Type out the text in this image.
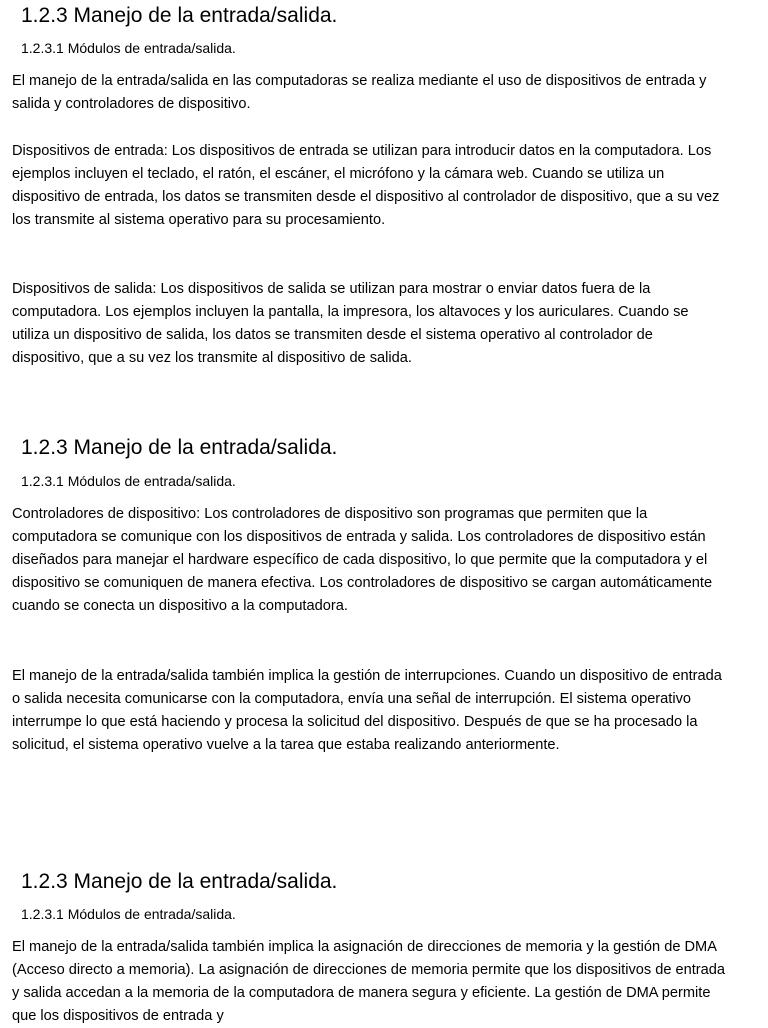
1.2.3 Manejo de la entrada/salida.
1.2.3.1 Módulos de entrada/salida.

El manejo de la entrada/salida en las computadoras se realiza mediante el uso de dispositivos de entrada y salida y controladores de dispositivo.

Dispositivos de entrada: Los dispositivos de entrada se utilizan para introducir datos en la computadora. Los ejemplos incluyen el teclado, el ratón, el escáner, el micrófono y la cámara web. Cuando se utiliza un dispositivo de entrada, los datos se transmiten desde el dispositivo al controlador de dispositivo, que a su vez los transmite al sistema operativo para su procesamiento.

Dispositivos de salida: Los dispositivos de salida se utilizan para mostrar o enviar datos fuera de la computadora. Los ejemplos incluyen la pantalla, la impresora, los altavoces y los auriculares. Cuando se utiliza un dispositivo de salida, los datos se transmiten desde el sistema operativo al controlador de dispositivo, que a su vez los transmite al dispositivo de salida.

1.2.3 Manejo de la entrada/salida.
1.2.3.1 Módulos de entrada/salida.

Controladores de dispositivo: Los controladores de dispositivo son programas que permiten que la computadora se comunique con los dispositivos de entrada y salida. Los controladores de dispositivo están diseñados para manejar el hardware específico de cada dispositivo, lo que permite que la computadora y el dispositivo se comuniquen de manera efectiva. Los controladores de dispositivo se cargan automáticamente cuando se conecta un dispositivo a la computadora.

El manejo de la entrada/salida también implica la gestión de interrupciones. Cuando un dispositivo de entrada o salida necesita comunicarse con la computadora, envía una señal de interrupción. El sistema operativo interrumpe lo que está haciendo y procesa la solicitud del dispositivo. Después de que se ha procesado la solicitud, el sistema operativo vuelve a la tarea que estaba realizando anteriormente.

1.2.3 Manejo de la entrada/salida.
1.2.3.1 Módulos de entrada/salida.

El manejo de la entrada/salida también implica la asignación de direcciones de memoria y la gestión de DMA (Acceso directo a memoria). La asignación de direcciones de memoria permite que los dispositivos de entrada y salida accedan a la memoria de la computadora de manera segura y eficiente. La gestión de DMA permite que los dispositivos de entrada y
